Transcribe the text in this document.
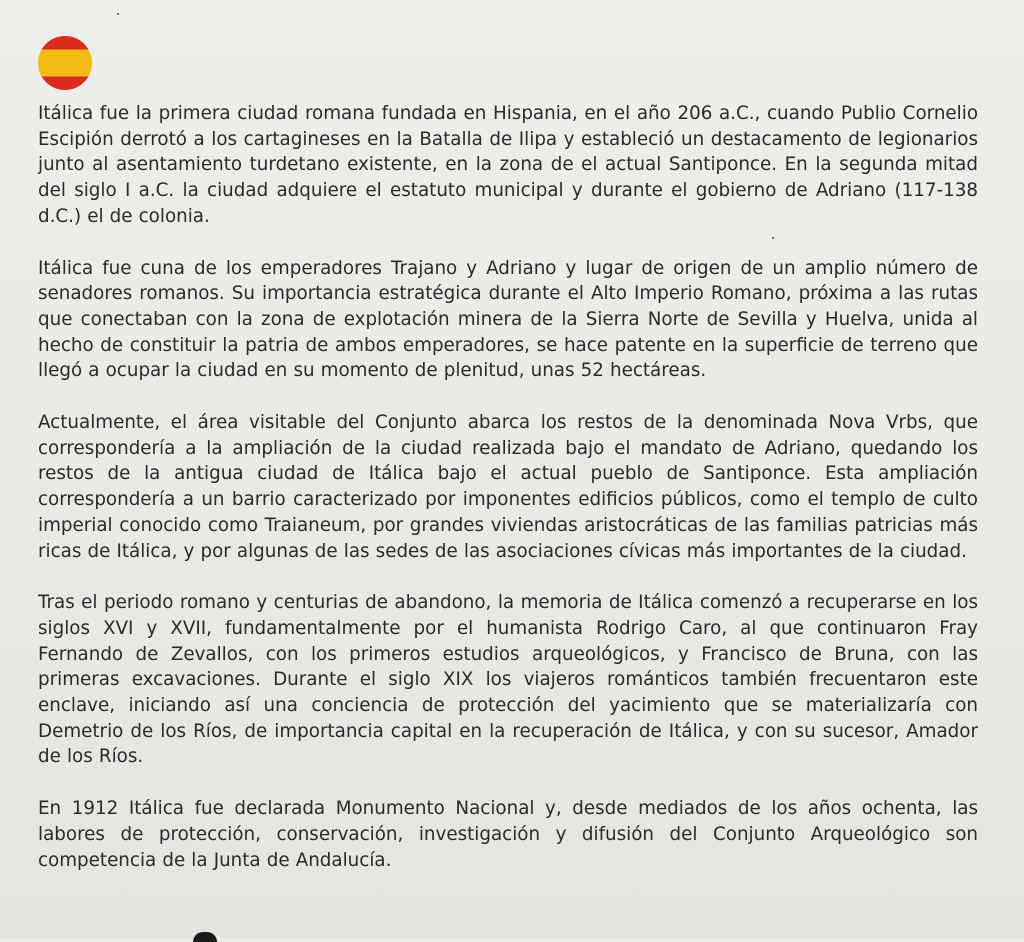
Itálica fue la primera ciudad romana fundada en Hispania, en el año 206 a.C., cuando Publio Cornelio Escipión derrotó a los cartagineses en la Batalla de Ilipa y estableció un destacamento de legionarios junto al asentamiento turdetano existente, en la zona de el actual Santiponce. En la segunda mitad del siglo I a.C. la ciudad adquiere el estatuto municipal y durante el gobierno de Adriano (117-138 d.C.) el de colonia.

Itálica fue cuna de los emperadores Trajano y Adriano y lugar de origen de un amplio número de senadores romanos. Su importancia estratégica durante el Alto Imperio Romano, próxima a las rutas que conectaban con la zona de explotación minera de la Sierra Norte de Sevilla y Huelva, unida al hecho de constituir la patria de ambos emperadores, se hace patente en la superficie de terreno que llegó a ocupar la ciudad en su momento de plenitud, unas 52 hectáreas.

Actualmente, el área visitable del Conjunto abarca los restos de la denominada Nova Vrbs, que correspondería a la ampliación de la ciudad realizada bajo el mandato de Adriano, quedando los restos de la antigua ciudad de Itálica bajo el actual pueblo de Santiponce. Esta ampliación correspondería a un barrio caracterizado por imponentes edificios públicos, como el templo de culto imperial conocido como Traianeum, por grandes viviendas aristocráticas de las familias patricias más ricas de Itálica, y por algunas de las sedes de las asociaciones cívicas más importantes de la ciudad.

Tras el periodo romano y centurias de abandono, la memoria de Itálica comenzó a recuperarse en los siglos XVI y XVII, fundamentalmente por el humanista Rodrigo Caro, al que continuaron Fray Fernando de Zevallos, con los primeros estudios arqueológicos, y Francisco de Bruna, con las primeras excavaciones. Durante el siglo XIX los viajeros románticos también frecuentaron este enclave, iniciando así una conciencia de protección del yacimiento que se materializaría con Demetrio de los Ríos, de importancia capital en la recuperación de Itálica, y con su sucesor, Amador de los Ríos.

En 1912 Itálica fue declarada Monumento Nacional y, desde mediados de los años ochenta, las labores de protección, conservación, investigación y difusión del Conjunto Arqueológico son competencia de la Junta de Andalucía.
